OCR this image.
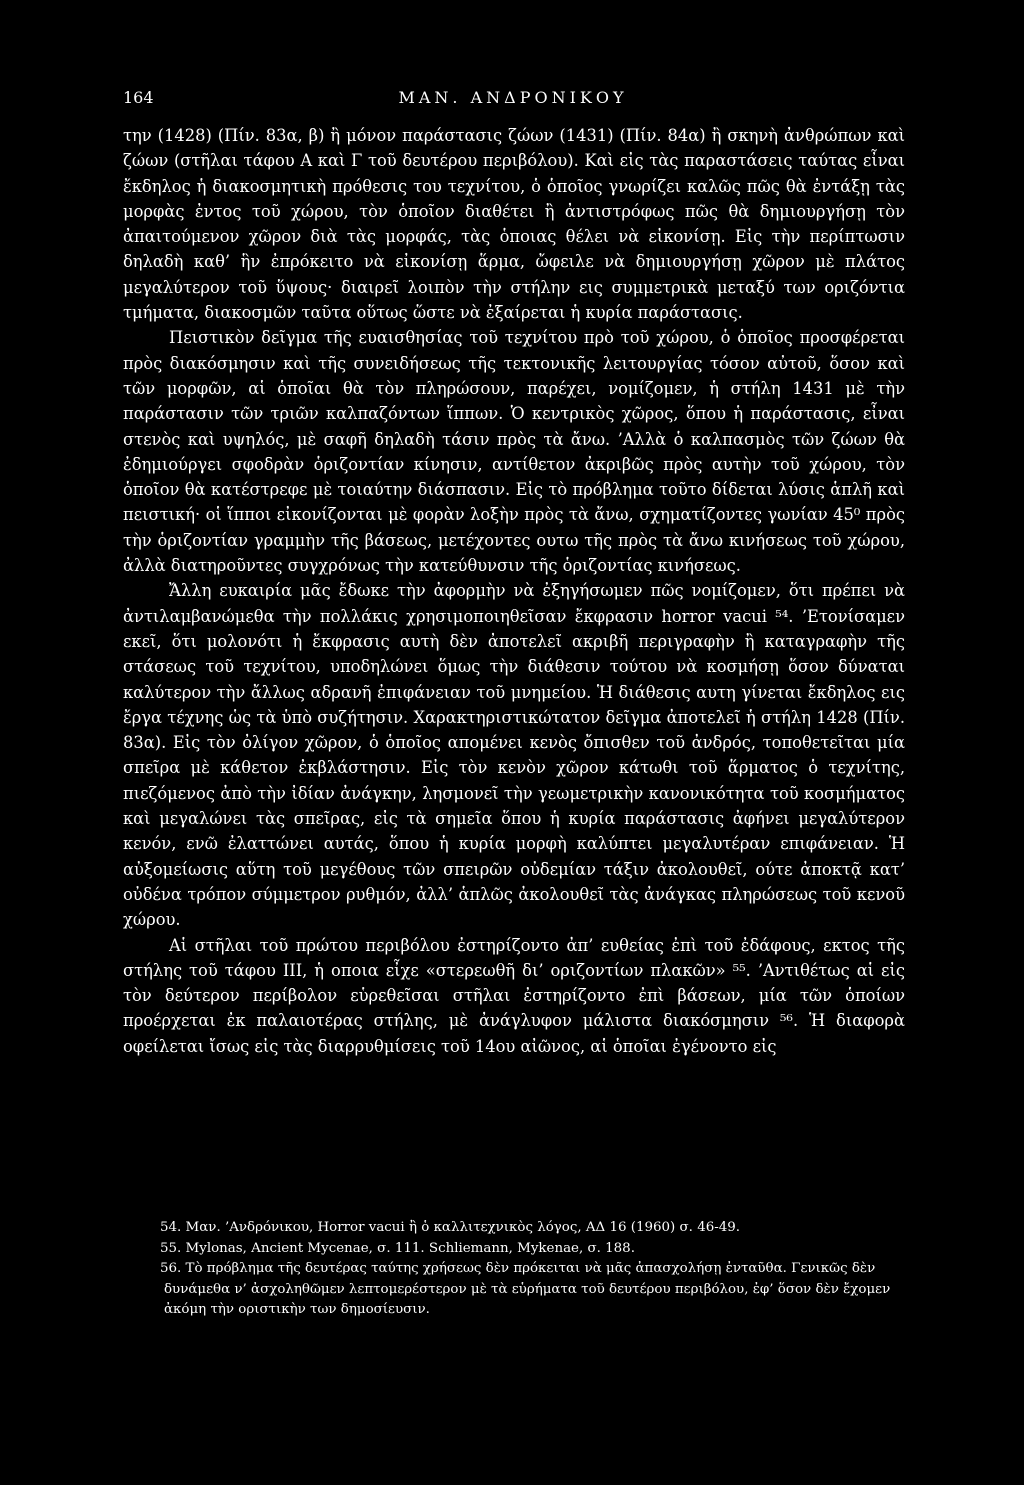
164	ΜΑΝ. ΑΝΔΡΟΝΙΚΟΥ

την (1428) (Πίν. 83α, β) ἢ μόνον παράστασις ζώων (1431) (Πίν. 84α) ἢ σκηνὴ ἀνθρώπων καὶ ζώων (στῆλαι τάφου Α καὶ Γ τοῦ δευτέρου περιβόλου). Καὶ εἰς τὰς παραστάσεις ταύτας εἶναι ἔκδηλος ἡ διακοσμητικὴ πρόθεσις του τεχνίτου, ὁ ὁποῖος γνωρίζει καλῶς πῶς θὰ ἐντάξῃ τὰς μορφὰς ἐντος τοῦ χώρου, τὸν ὁποῖον διαθέτει ἢ ἀντιστρόφως πῶς θὰ δημιουργήσῃ τὸν ἀπαιτούμενον χῶρον διὰ τὰς μορφάς, τὰς ὁποιας θέλει νὰ εἰκονίσῃ. Εἰς τὴν περίπτωσιν δηλαδὴ καθ’ ἣν ἐπρόκειτο νὰ εἰκονίσῃ ἅρμα, ὤφειλε νὰ δημιουργήσῃ χῶρον μὲ πλάτος μεγαλύτερον τοῦ ὕψους· διαιρεῖ λοιπὸν τὴν στήλην εις συμμετρικὰ μεταξύ των οριζόντια τμήματα, διακοσμῶν ταῦτα οὕτως ὥστε νὰ ἐξαίρεται ἡ κυρία παράστασις.

Πειστικὸν δεῖγμα τῆς ευαισθησίας τοῦ τεχνίτου πρὸ τοῦ χώρου, ὁ ὁποῖος προσφέρεται πρὸς διακόσμησιν καὶ τῆς συνειδήσεως τῆς τεκτονικῆς λειτουργίας τόσον αὐτοῦ, ὅσον καὶ τῶν μορφῶν, αἱ ὁποῖαι θὰ τὸν πληρώσουν, παρέχει, νομίζομεν, ἡ στήλη 1431 μὲ τὴν παράστασιν τῶν τριῶν καλπαζόντων ἵππων. Ὁ κεντρικὸς χῶρος, ὅπου ἡ παράστασις, εἶναι στενὸς καὶ υψηλός, μὲ σαφῆ δηλαδὴ τάσιν πρὸς τὰ ἄνω. ’Αλλὰ ὁ καλπασμὸς τῶν ζώων θὰ ἐδημιούργει σφοδρὰν ὁριζοντίαν κίνησιν, αντίθετον ἀκριβῶς πρὸς αυτὴν τοῦ χώρου, τὸν ὁποῖον θὰ κατέστρεφε μὲ τοιαύτην διάσπασιν. Εἰς τὸ πρόβλημα τοῦτο δίδεται λύσις ἁπλῆ καὶ πειστική· οἱ ἵπποι εἰκονίζονται μὲ φορὰν λοξὴν πρὸς τὰ ἄνω, σχηματίζοντες γωνίαν 45⁰ πρὸς τὴν ὁριζοντίαν γραμμὴν τῆς βάσεως, μετέχοντες ουτω τῆς πρὸς τὰ ἄνω κινήσεως τοῦ χώρου, ἀλλὰ διατηροῦντες συγχρόνως τὴν κατεύθυνσιν τῆς ὁριζοντίας κινήσεως.

Ἄλλη ευκαιρία μᾶς ἔδωκε τὴν ἀφορμὴν νὰ ἐξηγήσωμεν πῶς νομίζομεν, ὅτι πρέπει νὰ ἀντιλαμβανώμεθα τὴν πολλάκις χρησιμοποιηθεῖσαν ἔκφρασιν horror vacui ⁵⁴. ’Ετονίσαμεν εκεῖ, ὅτι μολονότι ἡ ἔκφρασις αυτὴ δὲν ἀποτελεῖ ακριβῆ περιγραφὴν ἢ καταγραφὴν τῆς στάσεως τοῦ τεχνίτου, υποδηλώνει ὅμως τὴν διάθεσιν τούτου νὰ κοσμήσῃ ὅσον δύναται καλύτερον τὴν ἄλλως αδρανῆ ἐπιφάνειαν τοῦ μνημείου. Ἡ διάθεσις αυτη γίνεται ἔκδηλος εις ἔργα τέχνης ὡς τὰ ὑπὸ συζήτησιν. Χαρακτηριστικώτατον δεῖγμα ἀποτελεῖ ἡ στήλη 1428 (Πίν. 83α). Εἰς τὸν ὀλίγον χῶρον, ὁ ὁποῖος απομένει κενὸς ὄπισθεν τοῦ ἀνδρός, τοποθετεῖται μία σπεῖρα μὲ κάθετον ἐκβλάστησιν. Εἰς τὸν κενὸν χῶρον κάτωθι τοῦ ἅρματος ὁ τεχνίτης, πιεζόμενος ἀπὸ τὴν ἰδίαν ἀνάγκην, λησμονεῖ τὴν γεωμετρικὴν κανονικότητα τοῦ κοσμήματος καὶ μεγαλώνει τὰς σπεῖρας, εἰς τὰ σημεῖα ὅπου ἡ κυρία παράστασις ἀφήνει μεγαλύτερον κενόν, ενῶ ἐλαττώνει αυτάς, ὅπου ἡ κυρία μορφὴ καλύπτει μεγαλυτέραν επιφάνειαν. Ἡ αὐξομείωσις αὕτη τοῦ μεγέθους τῶν σπειρῶν οὐδεμίαν τάξιν ἀκολουθεῖ, ούτε ἀποκτᾷ κατ’ οὐδένα τρόπον σύμμετρον ρυθμόν, ἀλλ’ ἁπλῶς ἀκολουθεῖ τὰς ἀνάγκας πληρώσεως τοῦ κενοῦ χώρου.

Αἱ στῆλαι τοῦ πρώτου περιβόλου ἐστηρίζοντο ἀπ’ ευθείας ἐπὶ τοῦ ἐδάφους, εκτος τῆς στήλης τοῦ τάφου III, ἡ οποια εἶχε «στερεωθῆ δι’ οριζοντίων πλακῶν» ⁵⁵. ’Αντιθέτως αἱ εἰς τὸν δεύτερον περίβολον εὑρεθεῖσαι στῆλαι ἐστηρίζοντο ἐπὶ βάσεων, μία τῶν ὁποίων προέρχεται ἐκ παλαιοτέρας στήλης, μὲ ἀνάγλυφον μάλιστα διακόσμησιν ⁵⁶. Ἡ διαφορὰ οφείλεται ἴσως εἰς τὰς διαρρυθμίσεις τοῦ 14ου αἰῶνος, αἱ ὁποῖαι ἐγένοντο εἰς

54. Μαν. ’Ανδρόνικου, Horror vacui ἢ ὁ καλλιτεχνικὸς λόγος, ΑΔ 16 (1960) σ. 46-49.

55. Mylonas, Ancient Mycenae, σ. 111. Schliemann, Mykenae, σ. 188.

56. Τὸ πρόβλημα τῆς δευτέρας ταύτης χρήσεως δὲν πρόκειται νὰ μᾶς ἀπασχολήσῃ ἐνταῦθα. Γενικῶς δὲν δυνάμεθα ν’ ἀσχοληθῶμεν λεπτομερέστερον μὲ τὰ εὑρήματα τοῦ δευτέρου περιβόλου, ἐφ’ ὅσον δὲν ἔχομεν ἀκόμη τὴν οριστικὴν των δημοσίευσιν.
